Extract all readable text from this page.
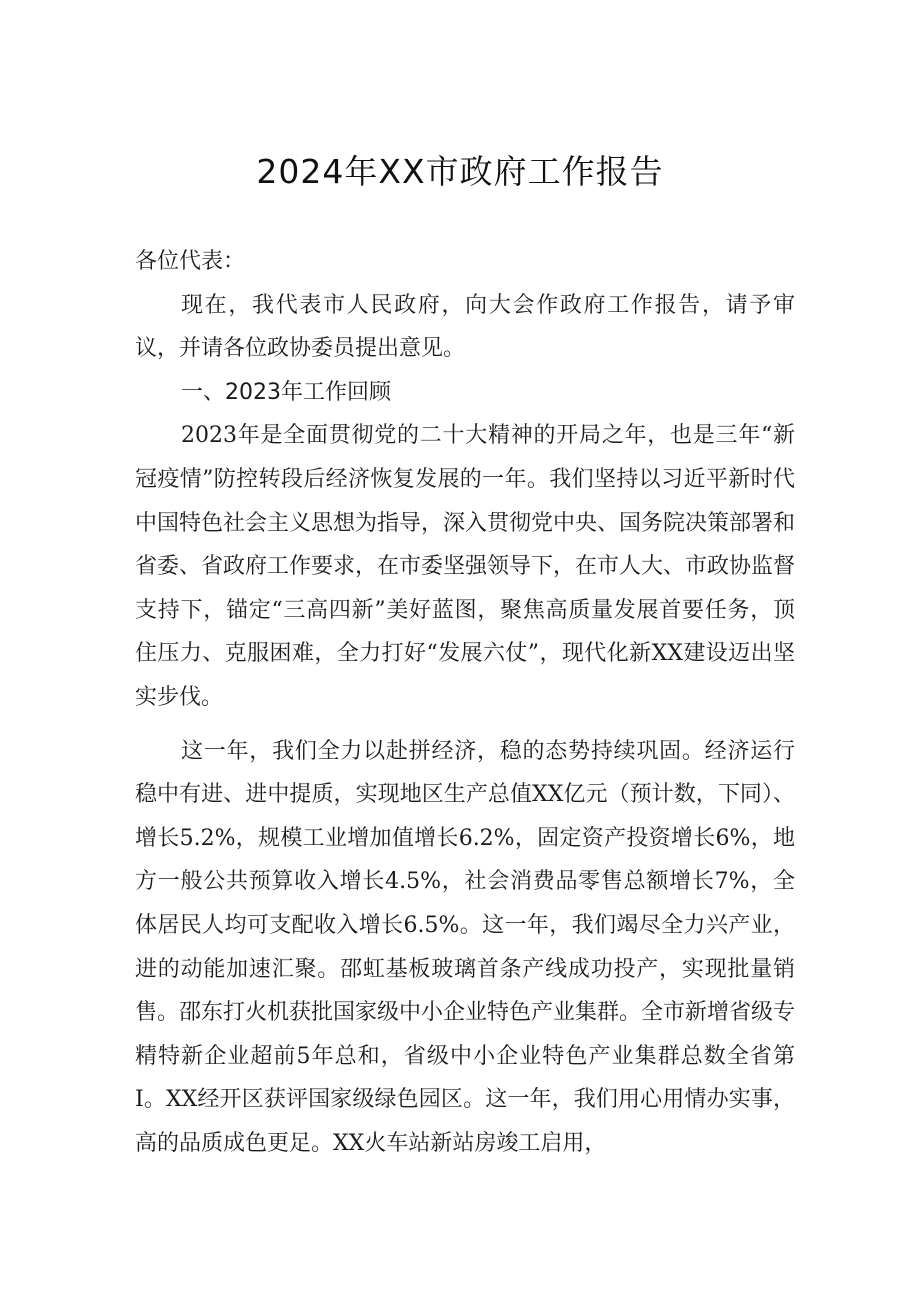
2024年XX市政府工作报告

各位代表：

现在，我代表市人民政府，向大会作政府工作报告，请予审议，并请各位政协委员提出意见。

一、2023年工作回顾

2023年是全面贯彻党的二十大精神的开局之年，也是三年“新冠疫情”防控转段后经济恢复发展的一年。我们坚持以习近平新时代中国特色社会主义思想为指导，深入贯彻党中央、国务院决策部署和省委、省政府工作要求，在市委坚强领导下，在市人大、市政协监督支持下，锚定“三高四新”美好蓝图，聚焦高质量发展首要任务，顶住压力、克服困难，全力打好“发展六仗”，现代化新XX建设迈出坚实步伐。

这一年，我们全力以赴拼经济，稳的态势持续巩固。经济运行稳中有进、进中提质，实现地区生产总值XX亿元（预计数，下同）、增长5.2%，规模工业增加值增长6.2%，固定资产投资增长6%，地方一般公共预算收入增长4.5%，社会消费品零售总额增长7%，全体居民人均可支配收入增长6.5%。这一年，我们竭尽全力兴产业，进的动能加速汇聚。邵虹基板玻璃首条产线成功投产，实现批量销售。邵东打火机获批国家级中小企业特色产业集群。全市新增省级专精特新企业超前5年总和，省级中小企业特色产业集群总数全省第I。XX经开区获评国家级绿色园区。这一年，我们用心用情办实事，高的品质成色更足。XX火车站新站房竣工启用，
